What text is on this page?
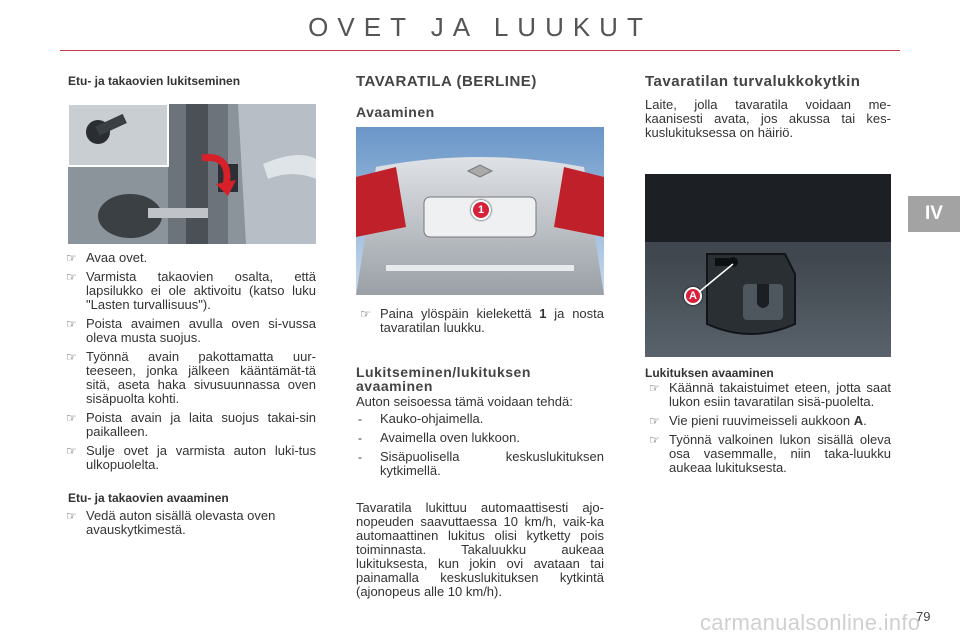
OVET JA LUUKUT
IV
Etu- ja takaovien lukitseminen
☞ Avaa ovet.
☞ Varmista takaovien osalta, että lapsilukko ei ole aktivoitu (katso luku "Lasten turvallisuus").
☞ Poista avaimen avulla oven si-vussa oleva musta suojus.
☞ Työnnä avain pakottamatta uur-teeseen, jonka jälkeen kääntämät-tä sitä, aseta haka sivusuunnassa oven sisäpuolta kohti.
☞ Poista avain ja laita suojus takai-sin paikalleen.
☞ Sulje ovet ja varmista auton luki-tus ulkopuolelta.
Etu- ja takaovien avaaminen
☞ Vedä auton sisällä olevasta oven avauskytkimestä.
TAVARATILA (BERLINE)
Avaaminen
1
☞ Paina ylöspäin kielekettä 1 ja nosta tavaratilan luukku.
Lukitseminen/lukituksen avaaminen

Auton seisoessa tämä voidaan tehdä:

- Kauko-ohjaimella.
- Avaimella oven lukkoon.
- Sisäpuolisella keskuslukituksen kytkimellä.

Tavaratila lukittuu automaattisesti ajo-nopeuden saavuttaessa 10 km/h, vaik-ka automaattinen lukitus olisi kytketty pois toiminnasta. Takaluukku aukeaa lukituksesta, kun jokin ovi avataan tai painamalla keskuslukituksen kytkintä (ajonopeus alle 10 km/h).

Tavaratilan turvalukkokytkin

Laite, jolla tavaratila voidaan me-kaanisesti avata, jos akussa tai kes-kuslukituksessa on häiriö.

A
Lukituksen avaaminen
☞ Käännä takaistuimet eteen, jotta saat lukon esiin tavaratilan sisä-puolelta.
☞ Vie pieni ruuvimeisseli aukkoon A.
☞ Työnnä valkoinen lukon sisällä oleva osa vasemmalle, niin taka-luukku aukeaa lukituksesta.
carmanualsonline.info
79
